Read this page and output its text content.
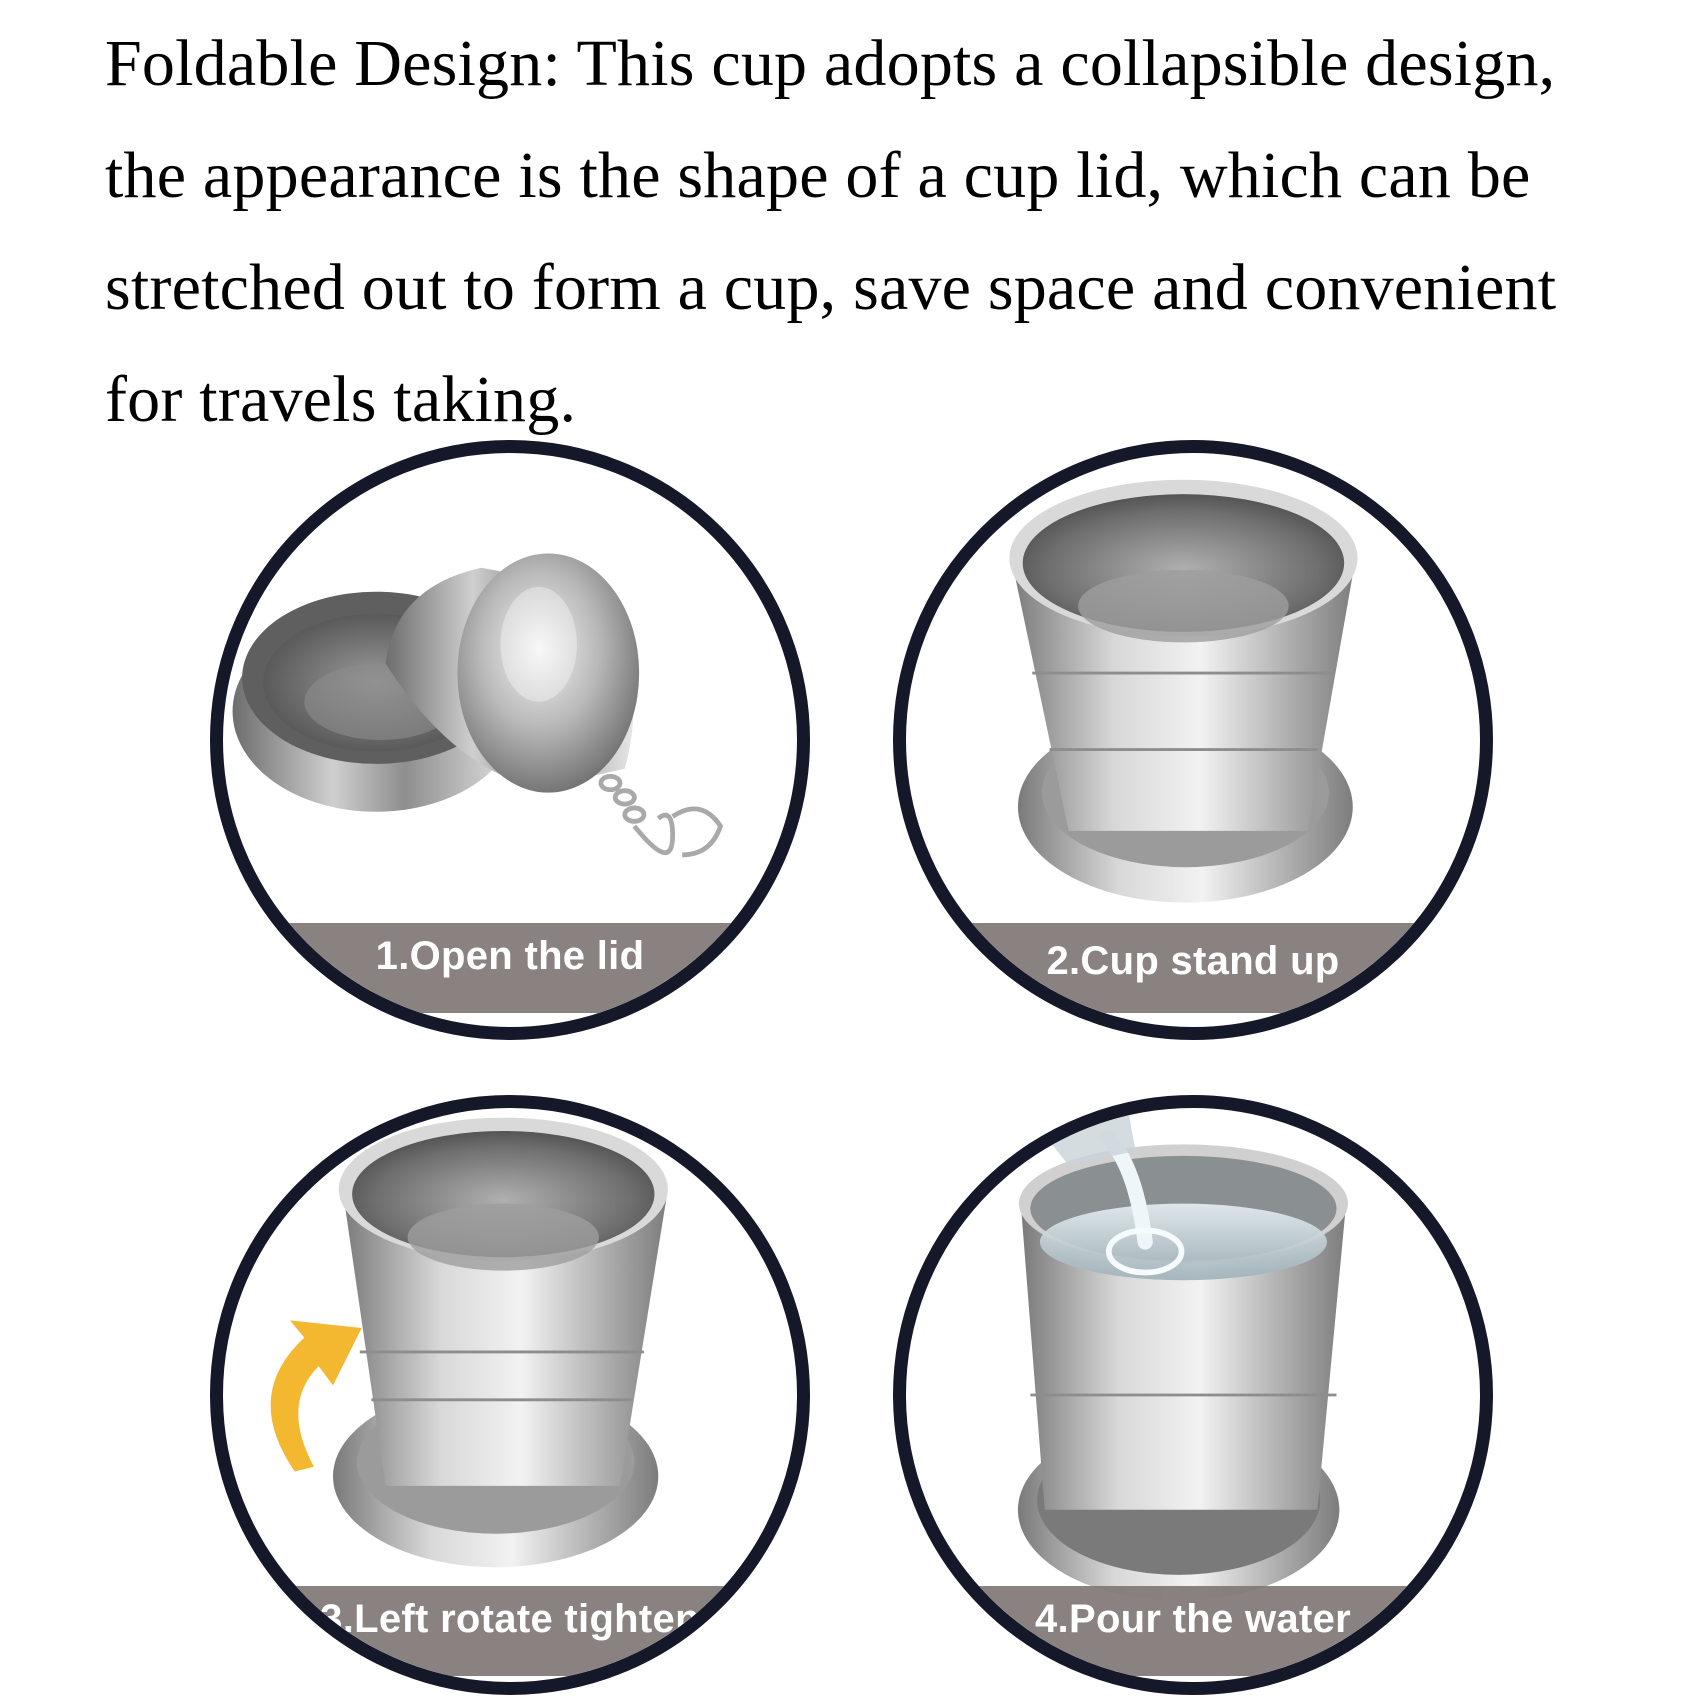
Foldable Design: This cup adopts a collapsible design,
the appearance is the shape of a cup lid, which can be
stretched out to form a cup, save space and convenient
for travels taking.
1.Open the lid	2.Cup stand up
3.Left rotate tighten	4.Pour the water
